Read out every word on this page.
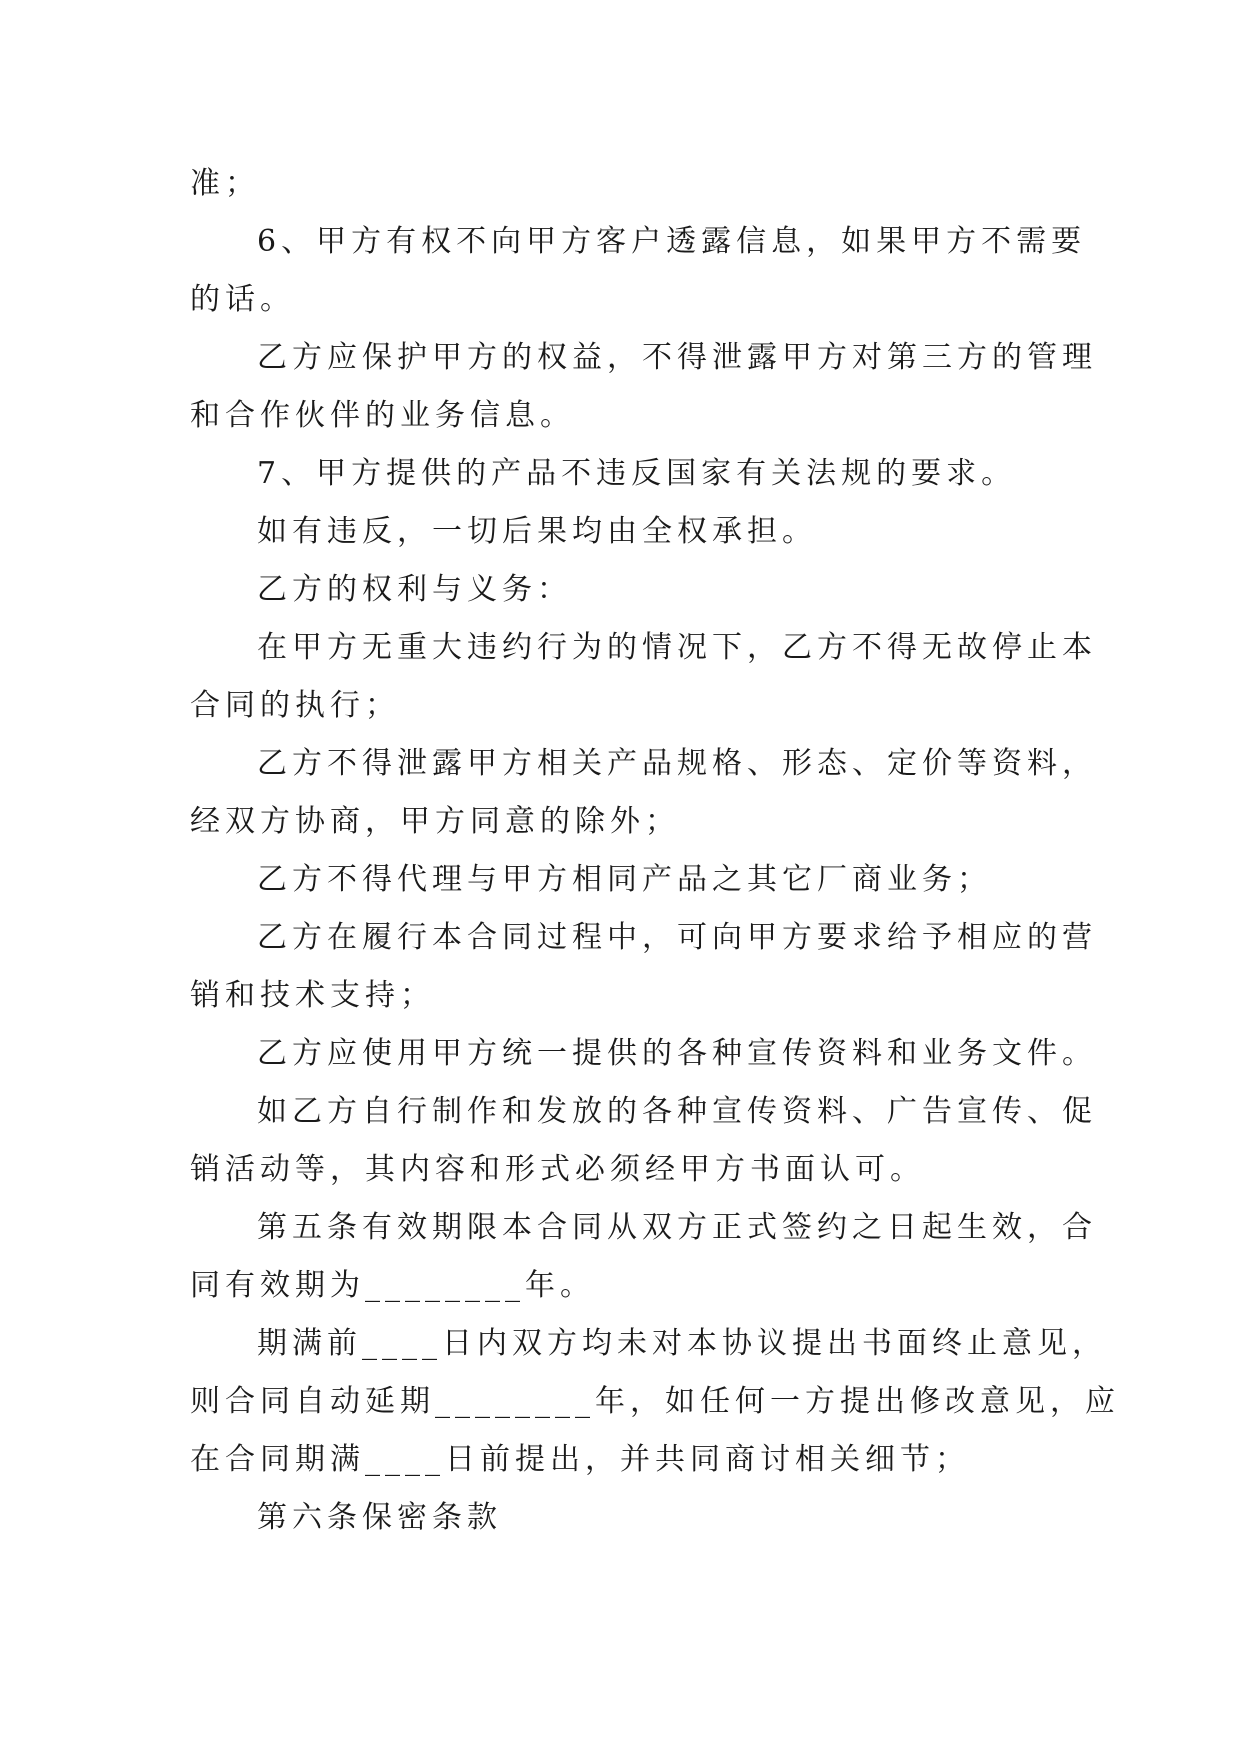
准；
6、甲方有权不向甲方客户透露信息，如果甲方不需要
的话。
乙方应保护甲方的权益，不得泄露甲方对第三方的管理
和合作伙伴的业务信息。
7、甲方提供的产品不违反国家有关法规的要求。
如有违反，一切后果均由全权承担。
乙方的权利与义务：
在甲方无重大违约行为的情况下，乙方不得无故停止本
合同的执行；
乙方不得泄露甲方相关产品规格、形态、定价等资料，
经双方协商，甲方同意的除外；
乙方不得代理与甲方相同产品之其它厂商业务；
乙方在履行本合同过程中，可向甲方要求给予相应的营
销和技术支持；
乙方应使用甲方统一提供的各种宣传资料和业务文件。
如乙方自行制作和发放的各种宣传资料、广告宣传、促
销活动等，其内容和形式必须经甲方书面认可。
第五条有效期限本合同从双方正式签约之日起生效，合
同有效期为________年。
期满前____日内双方均未对本协议提出书面终止意见，
则合同自动延期________年，如任何一方提出修改意见，应
在合同期满____日前提出，并共同商讨相关细节；
第六条保密条款
